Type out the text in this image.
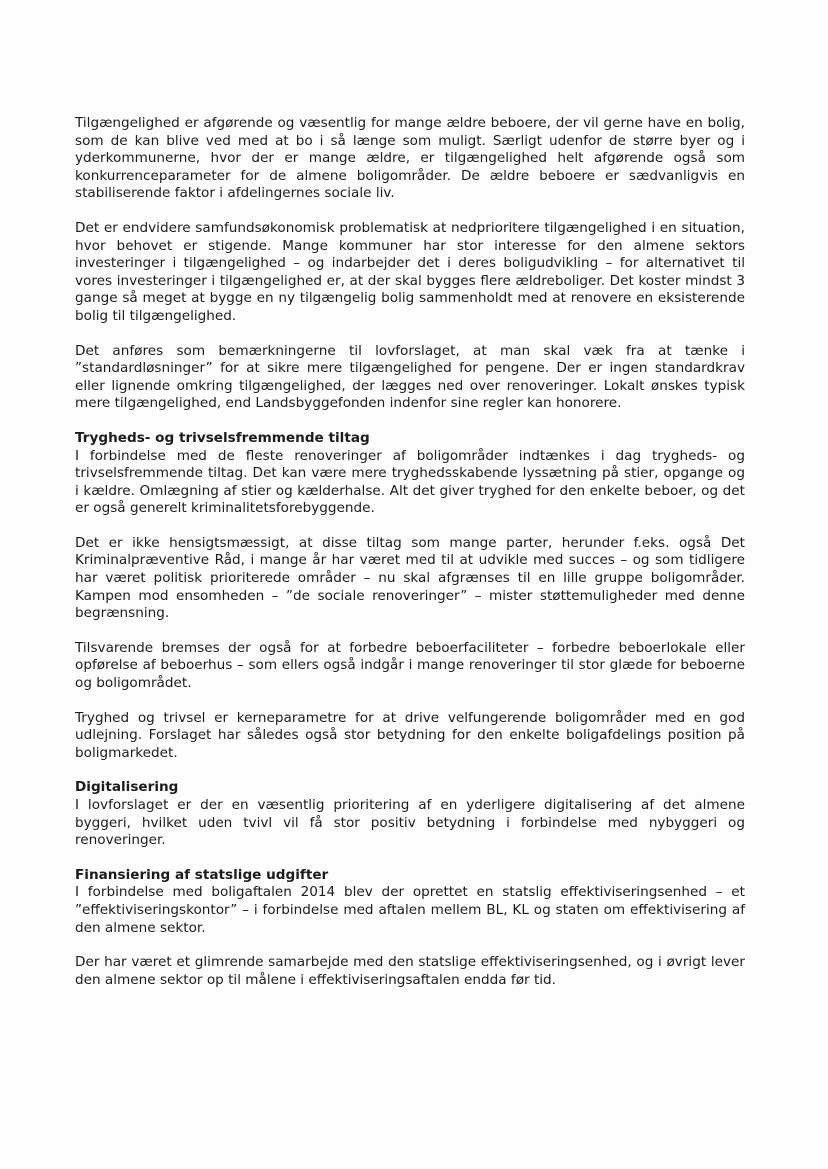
Tilgængelighed er afgørende og væsentlig for mange ældre beboere, der vil gerne have en bolig, som de kan blive ved med at bo i så længe som muligt. Særligt udenfor de større byer og i yderkommunerne, hvor der er mange ældre, er tilgængelighed helt afgørende også som konkurrenceparameter for de almene boligområder. De ældre beboere er sædvanligvis en stabiliserende faktor i afdelingernes sociale liv.

Det er endvidere samfundsøkonomisk problematisk at nedprioritere tilgængelighed i en situation, hvor behovet er stigende. Mange kommuner har stor interesse for den almene sektors investeringer i tilgængelighed – og indarbejder det i deres boligudvikling – for alternativet til vores investeringer i tilgængelighed er, at der skal bygges flere ældreboliger. Det koster mindst 3 gange så meget at bygge en ny tilgængelig bolig sammenholdt med at renovere en eksisterende bolig til tilgængelighed.

Det anføres som bemærkningerne til lovforslaget, at man skal væk fra at tænke i ”standardløsninger” for at sikre mere tilgængelighed for pengene. Der er ingen standardkrav eller lignende omkring tilgængelighed, der lægges ned over renoveringer. Lokalt ønskes typisk mere tilgængelighed, end Landsbyggefonden indenfor sine regler kan honorere.

Trygheds- og trivselsfremmende tiltag

I forbindelse med de fleste renoveringer af boligområder indtænkes i dag trygheds- og trivselsfremmende tiltag. Det kan være mere tryghedsskabende lyssætning på stier, opgange og i kældre. Omlægning af stier og kælderhalse. Alt det giver tryghed for den enkelte beboer, og det er også generelt kriminalitetsforebyggende.

Det er ikke hensigtsmæssigt, at disse tiltag som mange parter, herunder f.eks. også Det Kriminalpræventive Råd, i mange år har været med til at udvikle med succes – og som tidligere har været politisk prioriterede områder – nu skal afgrænses til en lille gruppe boligområder. Kampen mod ensomheden – ”de sociale renoveringer” – mister støttemuligheder med denne begrænsning.

Tilsvarende bremses der også for at forbedre beboerfaciliteter – forbedre beboerlokale eller opførelse af beboerhus – som ellers også indgår i mange renoveringer til stor glæde for beboerne og boligområdet.

Tryghed og trivsel er kerneparametre for at drive velfungerende boligområder med en god udlejning. Forslaget har således også stor betydning for den enkelte boligafdelings position på boligmarkedet.

Digitalisering

I lovforslaget er der en væsentlig prioritering af en yderligere digitalisering af det almene byggeri, hvilket uden tvivl vil få stor positiv betydning i forbindelse med nybyggeri og renoveringer.

Finansiering af statslige udgifter

I forbindelse med boligaftalen 2014 blev der oprettet en statslig effektiviseringsenhed – et ”effektiviseringskontor” – i forbindelse med aftalen mellem BL, KL og staten om effektivisering af den almene sektor.

Der har været et glimrende samarbejde med den statslige effektiviseringsenhed, og i øvrigt lever den almene sektor op til målene i effektiviseringsaftalen endda før tid.
